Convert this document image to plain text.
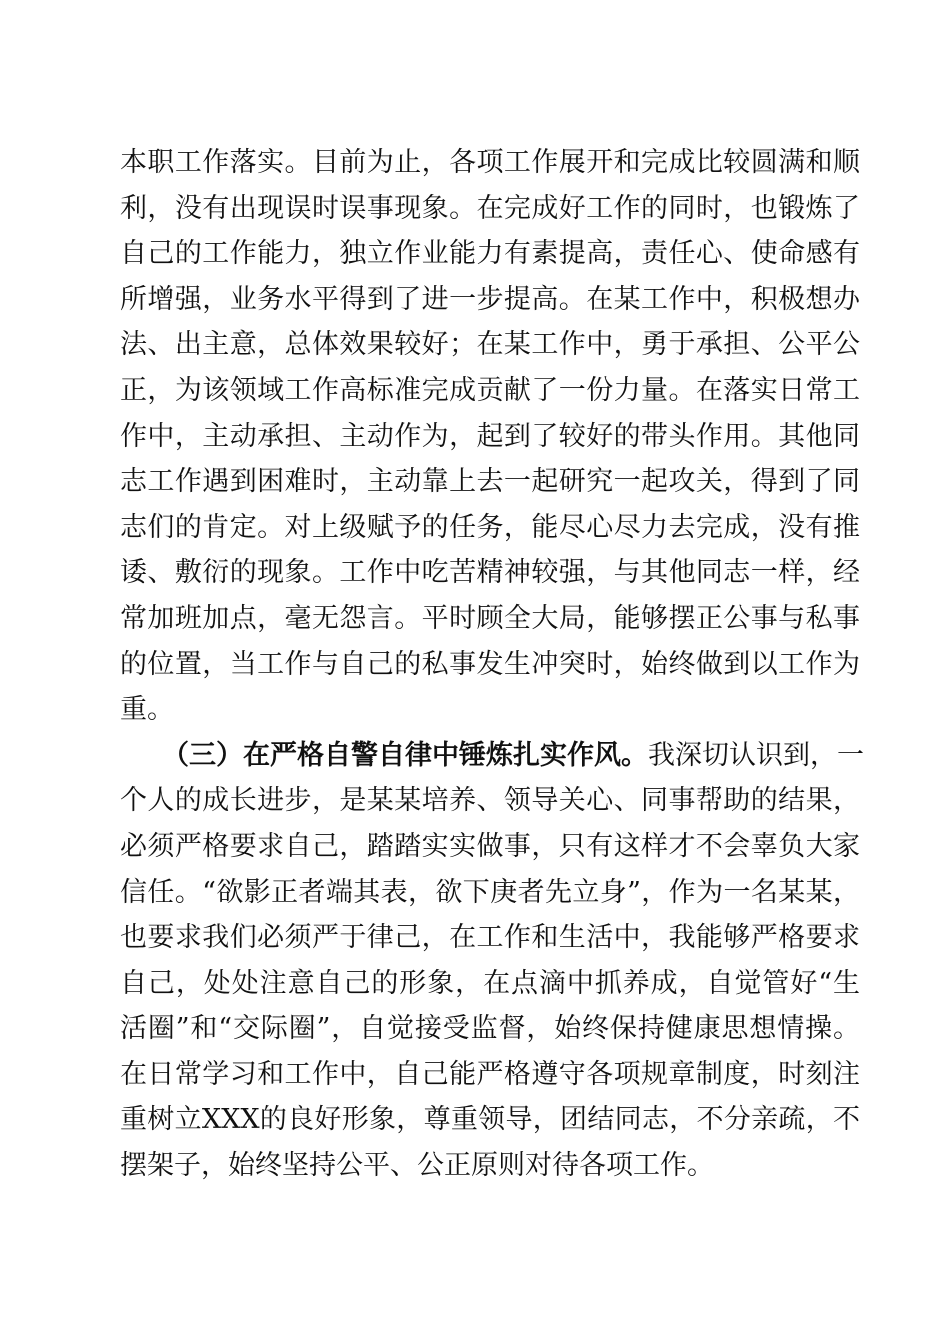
本职工作落实。目前为止，各项工作展开和完成比较圆满和顺
利，没有出现误时误事现象。在完成好工作的同时，也锻炼了
自己的工作能力，独立作业能力有素提高，责任心、使命感有
所增强，业务水平得到了进一步提高。在某工作中，积极想办
法、出主意，总体效果较好；在某工作中，勇于承担、公平公
正，为该领域工作高标准完成贡献了一份力量。在落实日常工
作中，主动承担、主动作为，起到了较好的带头作用。其他同
志工作遇到困难时，主动靠上去一起研究一起攻关，得到了同
志们的肯定。对上级赋予的任务，能尽心尽力去完成，没有推
诿、敷衍的现象。工作中吃苦精神较强，与其他同志一样，经
常加班加点，毫无怨言。平时顾全大局，能够摆正公事与私事
的位置，当工作与自己的私事发生冲突时，始终做到以工作为
重。
（三）在严格自警自律中锤炼扎实作风。我深切认识到，一
个人的成长进步，是某某培养、领导关心、同事帮助的结果，
必须严格要求自己，踏踏实实做事，只有这样才不会辜负大家
信任。“欲影正者端其表，欲下庚者先立身”，作为一名某某，
也要求我们必须严于律己，在工作和生活中，我能够严格要求
自己，处处注意自己的形象，在点滴中抓养成，自觉管好“生
活圈”和“交际圈”，自觉接受监督，始终保持健康思想情操。
在日常学习和工作中，自己能严格遵守各项规章制度，时刻注
重树立XXX的良好形象，尊重领导，团结同志，不分亲疏，不
摆架子，始终坚持公平、公正原则对待各项工作。
